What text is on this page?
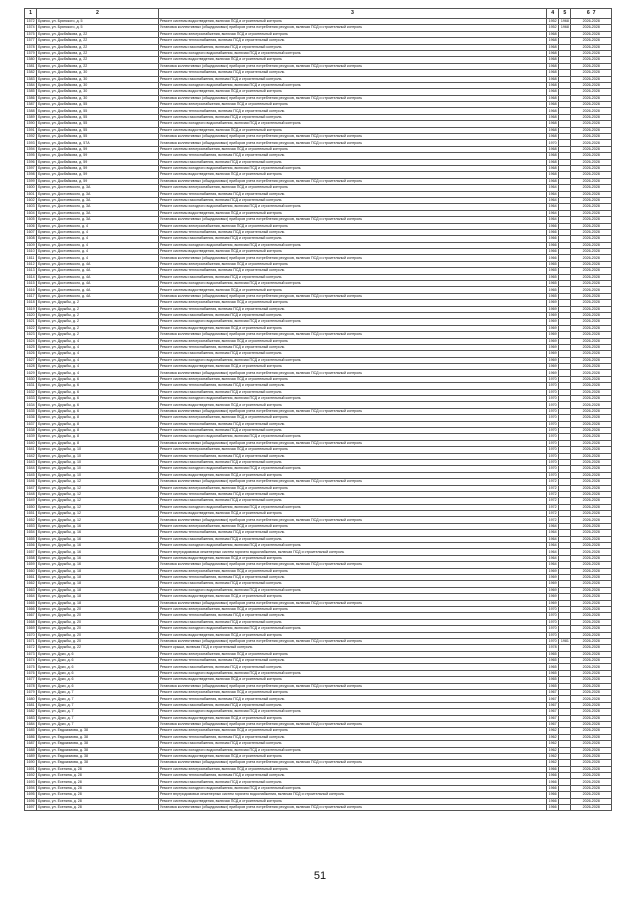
1	2	3	4	5	6 7
1572	Брянск, ул. Брянского, д. 5	Ремонт системы водоотведения, включая ПСД и строительный контроль	1952	1968	2026-2028
1574	Брянск, ул. Брянского, д. 5	Установка коллективных (общедомовых) приборов учета потребления ресурсов, включая ПСД и строительный контроль	1952	1968	2026-2028
1575	Брянск, ул. Докбайкова, д. 22	Ремонт системы электроснабжения, включая ПСД и строительный контроль	1968		2026-2028
1577	Брянск, ул. Докбайкова, д. 22	Ремонт системы теплоснабжения, включая ПСД и строительный контроль	1968		2026-2028
1578	Брянск, ул. Докбайкова, д. 22	Ремонт системы газоснабжения, включая ПСД и строительный контроль	1968		2026-2028
1579	Брянск, ул. Докбайкова, д. 22	Ремонт системы холодного водоснабжения, включая ПСД и строительный контроль	1968		2026-2028
1580	Брянск, ул. Докбайкова, д. 22	Ремонт системы водоотведения, включая ПСД и строительный контроль	1968		2026-2028
1581	Брянск, ул. Докбайкова, д. 22	Установка коллективных (общедомовых) приборов учета потребления ресурсов, включая ПСД и строительный контроль	1968		2026-2028
1582	Брянск, ул. Докбайкова, д. 30	Ремонт системы теплоснабжения, включая ПСД и строительный контроль	1968		2026-2028
1583	Брянск, ул. Докбайкова, д. 30	Ремонт системы газоснабжения, включая ПСД и строительный контроль	1968		2026-2028
1584	Брянск, ул. Докбайкова, д. 30	Ремонт системы холодного водоснабжения, включая ПСД и строительный контроль	1968		2026-2028
1585	Брянск, ул. Докбайкова, д. 30	Ремонт системы водоотведения, включая ПСД и строительный контроль	1968		2026-2028
1586	Брянск, ул. Докбайкова, д. 30	Установка коллективных (общедомовых) приборов учета потребления ресурсов, включая ПСД и строительный контроль	1968		2026-2028
1587	Брянск, ул. Докбайкова, д. 55	Ремонт системы электроснабжения, включая ПСД и строительный контроль	1968		2026-2028
1588	Брянск, ул. Докбайкова, д. 55	Ремонт системы теплоснабжения, включая ПСД и строительный контроль	1968		2026-2028
1589	Брянск, ул. Докбайкова, д. 55	Ремонт системы газоснабжения, включая ПСД и строительный контроль	1968		2026-2028
1590	Брянск, ул. Докбайкова, д. 55	Ремонт системы холодного водоснабжения, включая ПСД и строительный контроль	1968		2026-2028
1591	Брянск, ул. Докбайкова, д. 55	Ремонт системы водоотведения, включая ПСД и строительный контроль	1968		2026-2028
1592	Брянск, ул. Докбайкова, д. 55	Установка коллективных (общедомовых) приборов учета потребления ресурсов, включая ПСД и строительный контроль	1968		2026-2028
1593	Брянск, ул. Докбайкова, д. 57А	Установка коллективных (общедомовых) приборов учета потребления ресурсов, включая ПСД и строительный контроль	1970		2026-2028
1594	Брянск, ул. Докбайкова, д. 59	Ремонт системы электроснабжения, включая ПСД и строительный контроль	1968		2026-2028
1595	Брянск, ул. Докбайкова, д. 59	Ремонт системы теплоснабжения, включая ПСД и строительный контроль	1968		2026-2028
1596	Брянск, ул. Докбайкова, д. 59	Ремонт системы газоснабжения, включая ПСД и строительный контроль	1968		2026-2028
1597	Брянск, ул. Докбайкова, д. 59	Ремонт системы холодного водоснабжения, включая ПСД и строительный контроль	1968		2026-2028
1598	Брянск, ул. Докбайкова, д. 59	Ремонт системы водоотведения, включая ПСД и строительный контроль	1968		2026-2028
1599	Брянск, ул. Докбайкова, д. 59	Установка коллективных (общедомовых) приборов учета потребления ресурсов, включая ПСД и строительный контроль	1968		2026-2028
1600	Брянск, ул. Достоевского, д. 3А	Ремонт системы электроснабжения, включая ПСД и строительный контроль	1964		2026-2028
1601	Брянск, ул. Достоевского, д. 3А	Ремонт системы теплоснабжения, включая ПСД и строительный контроль	1964		2026-2028
1602	Брянск, ул. Достоевского, д. 3А	Ремонт системы газоснабжения, включая ПСД и строительный контроль	1964		2026-2028
1603	Брянск, ул. Достоевского, д. 3А	Ремонт системы холодного водоснабжения, включая ПСД и строительный контроль	1964		2026-2028
1604	Брянск, ул. Достоевского, д. 3А	Ремонт системы водоотведения, включая ПСД и строительный контроль	1964		2026-2028
1605	Брянск, ул. Достоевского, д. 3А	Установка коллективных (общедомовых) приборов учета потребления ресурсов, включая ПСД и строительный контроль	1964		2026-2028
1606	Брянск, ул. Достоевского, д. 4	Ремонт системы электроснабжения, включая ПСД и строительный контроль	1966		2026-2028
1607	Брянск, ул. Достоевского, д. 4	Ремонт системы теплоснабжения, включая ПСД и строительный контроль	1966		2026-2028
1608	Брянск, ул. Достоевского, д. 4	Ремонт системы газоснабжения, включая ПСД и строительный контроль	1966		2026-2028
1609	Брянск, ул. Достоевского, д. 4	Ремонт системы холодного водоснабжения, включая ПСД и строительный контроль	1966		2026-2028
1610	Брянск, ул. Достоевского, д. 4	Ремонт системы водоотведения, включая ПСД и строительный контроль	1966		2026-2028
1611	Брянск, ул. Достоевского, д. 4	Установка коллективных (общедомовых) приборов учета потребления ресурсов, включая ПСД и строительный контроль	1966		2026-2028
1612	Брянск, ул. Достоевского, д. 4А	Ремонт системы электроснабжения, включая ПСД и строительный контроль	1965		2026-2028
1613	Брянск, ул. Достоевского, д. 4А	Ремонт системы теплоснабжения, включая ПСД и строительный контроль	1965		2026-2028
1614	Брянск, ул. Достоевского, д. 4А	Ремонт системы газоснабжения, включая ПСД и строительный контроль	1965		2026-2028
1615	Брянск, ул. Достоевского, д. 4А	Ремонт системы холодного водоснабжения, включая ПСД и строительный контроль	1965		2026-2028
1616	Брянск, ул. Достоевского, д. 4А	Ремонт системы водоотведения, включая ПСД и строительный контроль	1965		2026-2028
1617	Брянск, ул. Достоевского, д. 4А	Установка коллективных (общедомовых) приборов учета потребления ресурсов, включая ПСД и строительный контроль	1965		2026-2028
1618	Брянск, ул. Дружбы, д. 2	Ремонт системы электроснабжения, включая ПСД и строительный контроль	1969		2026-2028
1619	Брянск, ул. Дружбы, д. 2	Ремонт системы теплоснабжения, включая ПСД и строительный контроль	1969		2026-2028
1620	Брянск, ул. Дружбы, д. 2	Ремонт системы газоснабжения, включая ПСД и строительный контроль	1969		2026-2028
1621	Брянск, ул. Дружбы, д. 2	Ремонт системы холодного водоснабжения, включая ПСД и строительный контроль	1969		2026-2028
1622	Брянск, ул. Дружбы, д. 2	Ремонт системы водоотведения, включая ПСД и строительный контроль	1969		2026-2028
1623	Брянск, ул. Дружбы, д. 2	Установка коллективных (общедомовых) приборов учета потребления ресурсов, включая ПСД и строительный контроль	1969		2026-2028
1624	Брянск, ул. Дружбы, д. 4	Ремонт системы электроснабжения, включая ПСД и строительный контроль	1969		2026-2028
1625	Брянск, ул. Дружбы, д. 4	Ремонт системы теплоснабжения, включая ПСД и строительный контроль	1969		2026-2028
1626	Брянск, ул. Дружбы, д. 4	Ремонт системы газоснабжения, включая ПСД и строительный контроль	1969		2026-2028
1627	Брянск, ул. Дружбы, д. 4	Ремонт системы холодного водоснабжения, включая ПСД и строительный контроль	1969		2026-2028
1628	Брянск, ул. Дружбы, д. 4	Ремонт системы водоотведения, включая ПСД и строительный контроль	1969		2026-2028
1629	Брянск, ул. Дружбы, д. 4	Установка коллективных (общедомовых) приборов учета потребления ресурсов, включая ПСД и строительный контроль	1969		2026-2028
1630	Брянск, ул. Дружбы, д. 6	Ремонт системы электроснабжения, включая ПСД и строительный контроль	1970		2026-2028
1631	Брянск, ул. Дружбы, д. 6	Ремонт системы теплоснабжения, включая ПСД и строительный контроль	1970		2026-2028
1632	Брянск, ул. Дружбы, д. 6	Ремонт системы газоснабжения, включая ПСД и строительный контроль	1970		2026-2028
1633	Брянск, ул. Дружбы, д. 6	Ремонт системы холодного водоснабжения, включая ПСД и строительный контроль	1970		2026-2028
1634	Брянск, ул. Дружбы, д. 6	Ремонт системы водоотведения, включая ПСД и строительный контроль	1970		2026-2028
1635	Брянск, ул. Дружбы, д. 6	Установка коллективных (общедомовых) приборов учета потребления ресурсов, включая ПСД и строительный контроль	1970		2026-2028
1636	Брянск, ул. Дружбы, д. 8	Ремонт системы электроснабжения, включая ПСД и строительный контроль	1970		2026-2028
1637	Брянск, ул. Дружбы, д. 8	Ремонт системы теплоснабжения, включая ПСД и строительный контроль	1970		2026-2028
1638	Брянск, ул. Дружбы, д. 8	Ремонт системы газоснабжения, включая ПСД и строительный контроль	1970		2026-2028
1639	Брянск, ул. Дружбы, д. 8	Ремонт системы холодного водоснабжения, включая ПСД и строительный контроль	1970		2026-2028
1640	Брянск, ул. Дружбы, д. 8	Установка коллективных (общедомовых) приборов учета потребления ресурсов, включая ПСД и строительный контроль	1970		2026-2028
1641	Брянск, ул. Дружбы, д. 10	Ремонт системы электроснабжения, включая ПСД и строительный контроль	1970		2026-2028
1642	Брянск, ул. Дружбы, д. 10	Ремонт системы теплоснабжения, включая ПСД и строительный контроль	1970		2026-2028
1643	Брянск, ул. Дружбы, д. 10	Ремонт системы газоснабжения, включая ПСД и строительный контроль	1970		2026-2028
1644	Брянск, ул. Дружбы, д. 10	Ремонт системы холодного водоснабжения, включая ПСД и строительный контроль	1970		2026-2028
1645	Брянск, ул. Дружбы, д. 10	Ремонт системы водоотведения, включая ПСД и строительный контроль	1970		2026-2028
1646	Брянск, ул. Дружбы, д. 12	Установка коллективных (общедомовых) приборов учета потребления ресурсов, включая ПСД и строительный контроль	1972		2026-2028
1647	Брянск, ул. Дружбы, д. 12	Ремонт системы электроснабжения, включая ПСД и строительный контроль	1972		2026-2028
1648	Брянск, ул. Дружбы, д. 12	Ремонт системы теплоснабжения, включая ПСД и строительный контроль	1972		2026-2028
1649	Брянск, ул. Дружбы, д. 12	Ремонт системы газоснабжения, включая ПСД и строительный контроль	1972		2026-2028
1650	Брянск, ул. Дружбы, д. 12	Ремонт системы холодного водоснабжения, включая ПСД и строительный контроль	1972		2026-2028
1651	Брянск, ул. Дружбы, д. 12	Ремонт системы водоотведения, включая ПСД и строительный контроль	1972		2026-2028
1652	Брянск, ул. Дружбы, д. 12	Установка коллективных (общедомовых) приборов учета потребления ресурсов, включая ПСД и строительный контроль	1972		2026-2028
1653	Брянск, ул. Дружбы, д. 16	Ремонт системы электроснабжения, включая ПСД и строительный контроль	1964		2026-2028
1654	Брянск, ул. Дружбы, д. 16	Ремонт системы теплоснабжения, включая ПСД и строительный контроль	1964		2026-2028
1655	Брянск, ул. Дружбы, д. 16	Ремонт системы газоснабжения, включая ПСД и строительный контроль	1964		2026-2028
1656	Брянск, ул. Дружбы, д. 16	Ремонт системы холодного водоснабжения, включая ПСД и строительный контроль	1964		2026-2028
1657	Брянск, ул. Дружбы, д. 16	Ремонт внутридомовых инженерных систем горячего водоснабжения, включая ПСД и строительный контроль	1964		2026-2028
1658	Брянск, ул. Дружбы, д. 16	Ремонт системы водоотведения, включая ПСД и строительный контроль	1964		2026-2028
1659	Брянск, ул. Дружбы, д. 16	Установка коллективных (общедомовых) приборов учета потребления ресурсов, включая ПСД и строительный контроль	1964		2026-2028
1660	Брянск, ул. Дружбы, д. 18	Ремонт системы электроснабжения, включая ПСД и строительный контроль	1969		2026-2028
1661	Брянск, ул. Дружбы, д. 18	Ремонт системы теплоснабжения, включая ПСД и строительный контроль	1969		2026-2028
1662	Брянск, ул. Дружбы, д. 18	Ремонт системы газоснабжения, включая ПСД и строительный контроль	1969		2026-2028
1663	Брянск, ул. Дружбы, д. 18	Ремонт системы холодного водоснабжения, включая ПСД и строительный контроль	1969		2026-2028
1664	Брянск, ул. Дружбы, д. 18	Ремонт системы водоотведения, включая ПСД и строительный контроль	1969		2026-2028
1665	Брянск, ул. Дружбы, д. 18	Установка коллективных (общедомовых) приборов учета потребления ресурсов, включая ПСД и строительный контроль	1969		2026-2028
1666	Брянск, ул. Дружбы, д. 20	Ремонт системы электроснабжения, включая ПСД и строительный контроль	1970		2026-2028
1667	Брянск, ул. Дружбы, д. 20	Ремонт системы теплоснабжения, включая ПСД и строительный контроль	1970		2026-2028
1668	Брянск, ул. Дружбы, д. 20	Ремонт системы газоснабжения, включая ПСД и строительный контроль	1970		2026-2028
1669	Брянск, ул. Дружбы, д. 20	Ремонт системы холодного водоснабжения, включая ПСД и строительный контроль	1970		2026-2028
1670	Брянск, ул. Дружбы, д. 20	Ремонт системы водоотведения, включая ПСД и строительный контроль	1970		2026-2028
1671	Брянск, ул. Дружбы, д. 20	Установка коллективных (общедомовых) приборов учета потребления ресурсов, включая ПСД и строительный контроль	1970	1981	2026-2028
1672	Брянск, ул. Дружбы, д. 22	Ремонт крыши, включая ПСД и строительный контроль	1978		2026-2028
1673	Брянск, ул. Дуки, д. 6	Ремонт системы электроснабжения, включая ПСД и строительный контроль	1965		2026-2028
1674	Брянск, ул. Дуки, д. 6	Ремонт системы теплоснабжения, включая ПСД и строительный контроль	1965		2026-2028
1675	Брянск, ул. Дуки, д. 6	Ремонт системы газоснабжения, включая ПСД и строительный контроль	1965		2026-2028
1676	Брянск, ул. Дуки, д. 6	Ремонт системы холодного водоснабжения, включая ПСД и строительный контроль	1965		2026-2028
1677	Брянск, ул. Дуки, д. 6	Ремонт системы водоотведения, включая ПСД и строительный контроль	1965		2026-2028
1678	Брянск, ул. Дуки, д. 6	Установка коллективных (общедомовых) приборов учета потребления ресурсов, включая ПСД и строительный контроль	1965		2026-2028
1679	Брянск, ул. Дуки, д. 7	Ремонт системы электроснабжения, включая ПСД и строительный контроль	1967		2026-2028
1680	Брянск, ул. Дуки, д. 7	Ремонт системы теплоснабжения, включая ПСД и строительный контроль	1967		2026-2028
1681	Брянск, ул. Дуки, д. 7	Ремонт системы газоснабжения, включая ПСД и строительный контроль	1967		2026-2028
1682	Брянск, ул. Дуки, д. 7	Ремонт системы холодного водоснабжения, включая ПСД и строительный контроль	1967		2026-2028
1683	Брянск, ул. Дуки, д. 7	Ремонт системы водоотведения, включая ПСД и строительный контроль	1967		2026-2028
1684	Брянск, ул. Дуки, д. 7	Установка коллективных (общедомовых) приборов учета потребления ресурсов, включая ПСД и строительный контроль	1967		2026-2028
1685	Брянск, ул. Евдокимова, д. 38	Ремонт системы электроснабжения, включая ПСД и строительный контроль	1962		2026-2028
1686	Брянск, ул. Евдокимова, д. 38	Ремонт системы теплоснабжения, включая ПСД и строительный контроль	1962		2026-2028
1687	Брянск, ул. Евдокимова, д. 38	Ремонт системы газоснабжения, включая ПСД и строительный контроль	1962		2026-2028
1688	Брянск, ул. Евдокимова, д. 38	Ремонт системы холодного водоснабжения, включая ПСД и строительный контроль	1962		2026-2028
1689	Брянск, ул. Евдокимова, д. 38	Ремонт системы водоотведения, включая ПСД и строительный контроль	1962		2026-2028
1690	Брянск, ул. Евдокимова, д. 38	Установка коллективных (общедомовых) приборов учета потребления ресурсов, включая ПСД и строительный контроль	1962		2026-2028
1691	Брянск, ул. Есенина, д. 28	Ремонт системы электроснабжения, включая ПСД и строительный контроль	1966		2026-2028
1692	Брянск, ул. Есенина, д. 28	Ремонт системы теплоснабжения, включая ПСД и строительный контроль	1966		2026-2028
1693	Брянск, ул. Есенина, д. 28	Ремонт системы газоснабжения, включая ПСД и строительный контроль	1966		2026-2028
1694	Брянск, ул. Есенина, д. 28	Ремонт системы холодного водоснабжения, включая ПСД и строительный контроль	1966		2026-2028
1695	Брянск, ул. Есенина, д. 28	Ремонт внутридомовых инженерных систем горячего водоснабжения, включая ПСД и строительный контроль	1966		2026-2028
1696	Брянск, ул. Есенина, д. 28	Ремонт системы водоотведения, включая ПСД и строительный контроль	1966		2026-2028
1697	Брянск, ул. Есенина, д. 28	Установка коллективных (общедомовых) приборов учета потребления ресурсов, включая ПСД и строительный контроль	1966		2026-2028
51
